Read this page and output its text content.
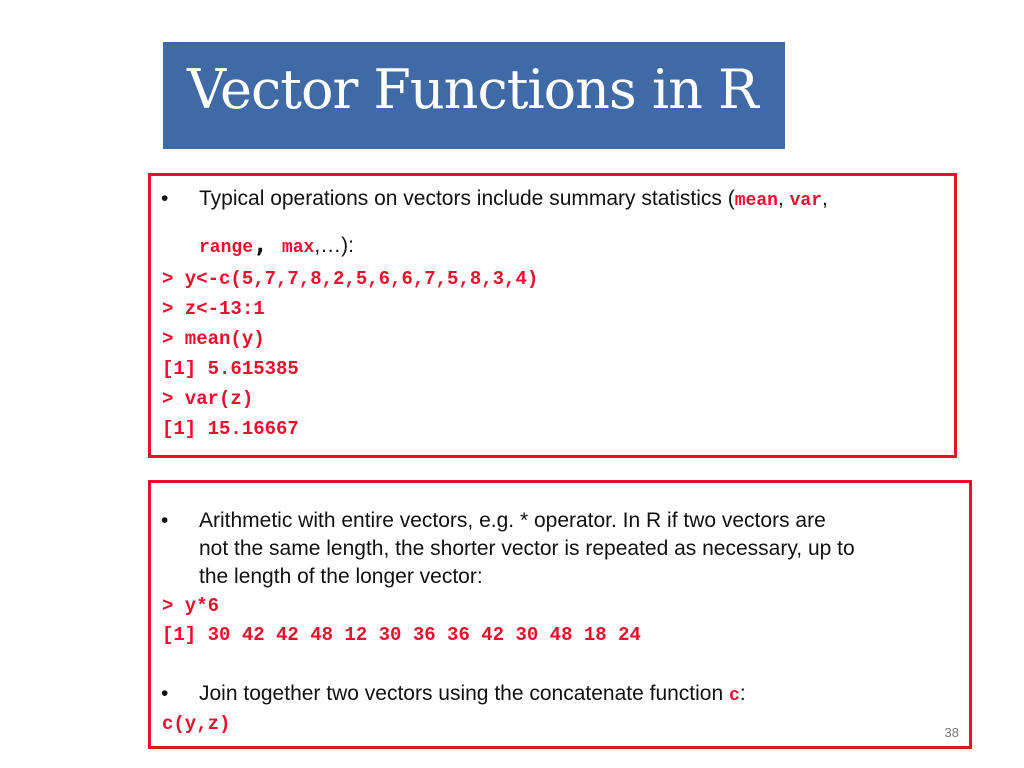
Vector Functions in R
• Typical operations on vectors include summary statistics (mean, var,
range, max,…):
> y<-c(5,7,7,8,2,5,6,6,7,5,8,3,4)
> z<-13:1
> mean(y)
[1] 5.615385
> var(z)
[1] 15.16667
• Arithmetic with entire vectors, e.g. * operator. In R if two vectors are
not the same length, the shorter vector is repeated as necessary, up to
the length of the longer vector:
> y*6
[1] 30 42 42 48 12 30 36 36 42 30 48 18 24
• Join together two vectors using the concatenate function c:
c(y,z)	38
